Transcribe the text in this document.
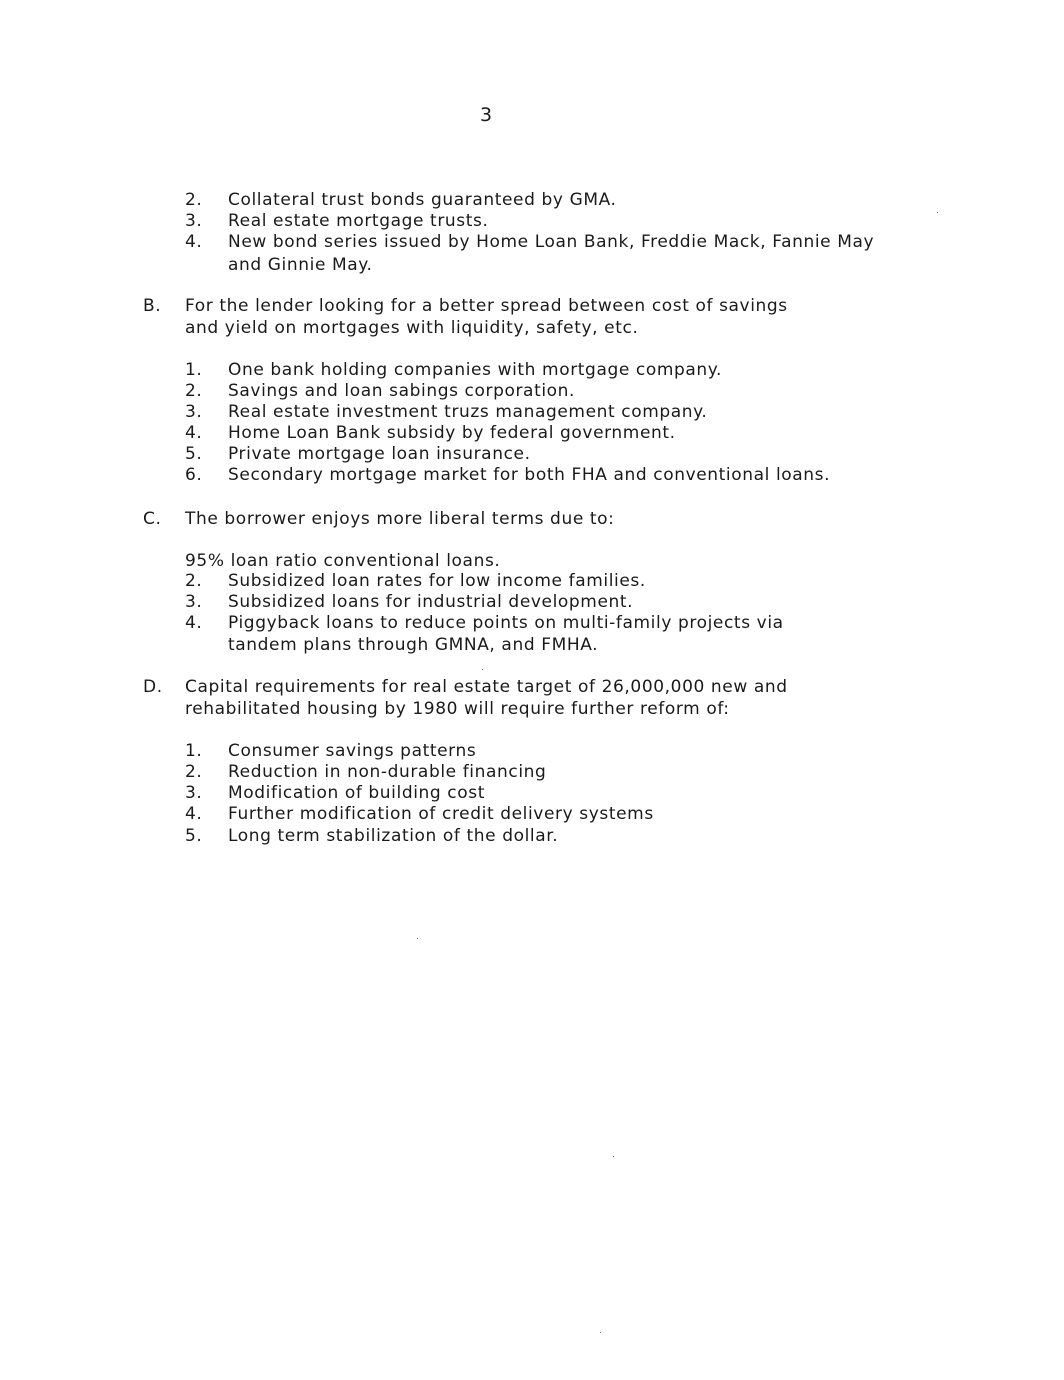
3
2. Collateral trust bonds guaranteed by GMA.
3. Real estate mortgage trusts.
4. New bond series issued by Home Loan Bank, Freddie Mack, Fannie May
and Ginnie May.
B. For the lender looking for a better spread between cost of savings
and yield on mortgages with liquidity, safety, etc.
1. One bank holding companies with mortgage company.
2. Savings and loan sabings corporation.
3. Real estate investment truzs management company.
4. Home Loan Bank subsidy by federal government.
5. Private mortgage loan insurance.
6. Secondary mortgage market for both FHA and conventional loans.
C. The borrower enjoys more liberal terms due to:
95% loan ratio conventional loans.
2. Subsidized loan rates for low income families.
3. Subsidized loans for industrial development.
4. Piggyback loans to reduce points on multi-family projects via
tandem plans through GMNA, and FMHA.
D. Capital requirements for real estate target of 26,000,000 new and
rehabilitated housing by 1980 will require further reform of:
1. Consumer savings patterns
2. Reduction in non-durable financing
3. Modification of building cost
4. Further modification of credit delivery systems
5. Long term stabilization of the dollar.
